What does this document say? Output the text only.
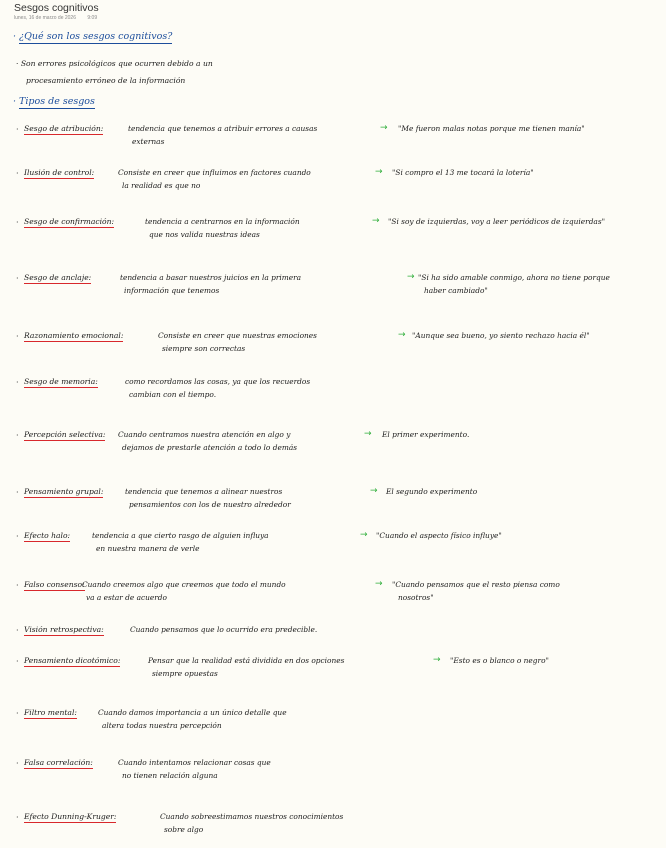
Sesgos cognitivos
lunes, 16 de marzo de 2026 9:09
· ¿Qué son los sesgos cognitivos?
· Son errores psicológicos que ocurren debido a un
procesamiento erróneo de la información
· Tipos de sesgos
· Sesgo de atribución:	tendencia que tenemos a atribuir errores a causas
externas
→ "Me fueron malas notas porque me tienen manía"
· Ilusión de control:	Consiste en creer que influimos en factores cuando
la realidad es que no
→ "Si compro el 13 me tocará la lotería"
· Sesgo de confirmación:	tendencia a centrarnos en la información
que nos valida nuestras ideas
→ "Si soy de izquierdas, voy a leer periódicos de izquierdas"
· Sesgo de anclaje:	tendencia a basar nuestros juicios en la primera
información que tenemos
→ "Si ha sido amable conmigo, ahora no tiene porque
haber cambiado"
· Razonamiento emocional:	Consiste en creer que nuestras emociones
siempre son correctas
→ "Aunque sea bueno, yo siento rechazo hacia él"
· Sesgo de memoria:	como recordamos las cosas, ya que los recuerdos
cambian con el tiempo.
· Percepción selectiva: Cuando centramos nuestra atención en algo y
dejamos de prestarle atención a todo lo demás
→ El primer experimento.
· Pensamiento grupal:	tendencia que tenemos a alinear nuestros
pensamientos con los de nuestro alrededor
→ El segundo experimento
· Efecto halo:	tendencia a que cierto rasgo de alguien influya
en nuestra manera de verle
→ "Cuando el aspecto físico influye"
· Falso consenso:
Cuando creemos algo que creemos que todo el mundo
va a estar de acuerdo
→ "Cuando pensamos que el resto piensa como
nosotros"
· Visión retrospectiva:	Cuando pensamos que lo ocurrido era predecible.
· Pensamiento dicotómico:	Pensar que la realidad está dividida en dos opciones
siempre opuestas
→ "Esto es o blanco o negro"
· Filtro mental:	Cuando damos importancia a un único detalle que
altera todas nuestra percepción
· Falsa correlación:	Cuando intentamos relacionar cosas que
no tienen relación alguna
· Efecto Dunning-Kruger:	Cuando sobreestimamos nuestros conocimientos
sobre algo
